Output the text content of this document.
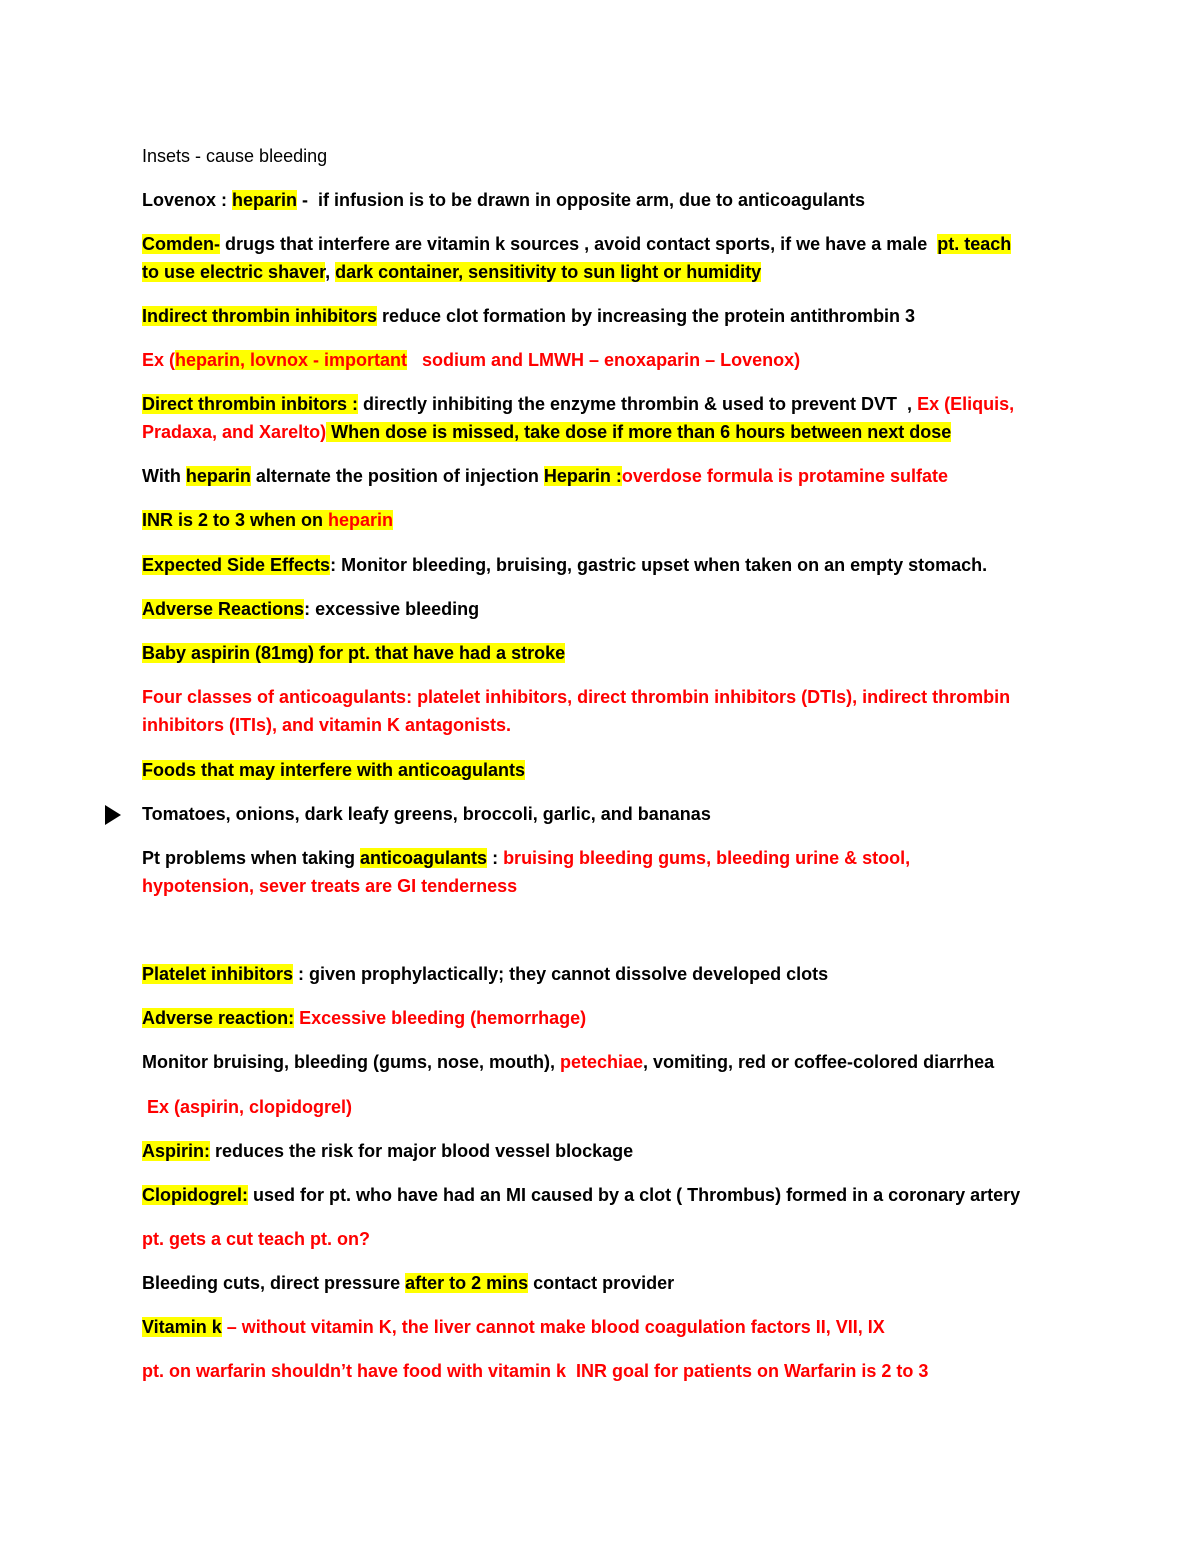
Insets - cause bleeding

Lovenox : heparin -  if infusion is to be drawn in opposite arm, due to anticoagulants

Comden- drugs that interfere are vitamin k sources , avoid contact sports, if we have a male  pt. teach

to use electric shaver, dark container, sensitivity to sun light or humidity

Indirect thrombin inhibitors reduce clot formation by increasing the protein antithrombin 3

Ex (heparin, lovnox - important   sodium and LMWH – enoxaparin – Lovenox)

Direct thrombin inbitors : directly inhibiting the enzyme thrombin & used to prevent DVT  , Ex (Eliquis,

Pradaxa, and Xarelto) When dose is missed, take dose if more than 6 hours between next dose

With heparin alternate the position of injection Heparin :overdose formula is protamine sulfate

INR is 2 to 3 when on heparin

Expected Side Effects: Monitor bleeding, bruising, gastric upset when taken on an empty stomach.

Adverse Reactions: excessive bleeding

Baby aspirin (81mg) for pt. that have had a stroke

Four classes of anticoagulants: platelet inhibitors, direct thrombin inhibitors (DTIs), indirect thrombin

inhibitors (ITIs), and vitamin K antagonists.

Foods that may interfere with anticoagulants

Tomatoes, onions, dark leafy greens, broccoli, garlic, and bananas

Pt problems when taking anticoagulants : bruising bleeding gums, bleeding urine & stool,

hypotension, sever treats are GI tenderness

Platelet inhibitors : given prophylactically; they cannot dissolve developed clots

Adverse reaction: Excessive bleeding (hemorrhage)

Monitor bruising, bleeding (gums, nose, mouth), petechiae, vomiting, red or coffee-colored diarrhea

Ex (aspirin, clopidogrel)

Aspirin: reduces the risk for major blood vessel blockage

Clopidogrel: used for pt. who have had an MI caused by a clot ( Thrombus) formed in a coronary artery

pt. gets a cut teach pt. on?

Bleeding cuts, direct pressure after to 2 mins contact provider

Vitamin k – without vitamin K, the liver cannot make blood coagulation factors II, VII, IX

pt. on warfarin shouldn’t have food with vitamin k  INR goal for patients on Warfarin is 2 to 3
